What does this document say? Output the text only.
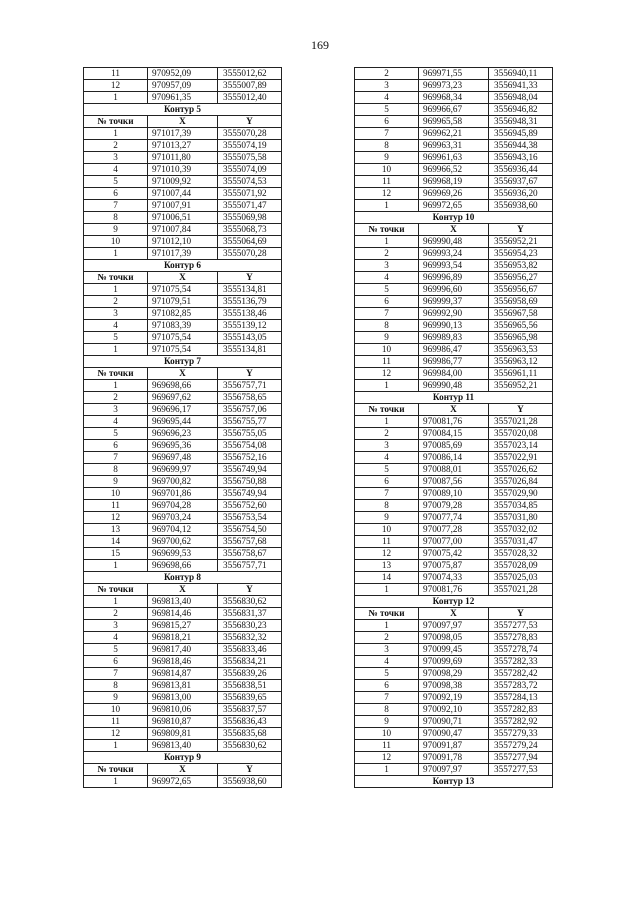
169
11	970952,09	3555012,62
12	970957,09	3555007,89
1	970961,35	3555012,40
Контур 5		
№ точки	X	Y
1	971017,39	3555070,28
2	971013,27	3555074,19
3	971011,80	3555075,58
4	971010,39	3555074,09
5	971009,92	3555074,53
6	971007,44	3555071,92
7	971007,91	3555071,47
8	971006,51	3555069,98
9	971007,84	3555068,73
10	971012,10	3555064,69
1	971017,39	3555070,28
Контур 6		
№ точки	X	Y
1	971075,54	3555134,81
2	971079,51	3555136,79
3	971082,85	3555138,46
4	971083,39	3555139,12
5	971075,54	3555143,05
1	971075,54	3555134,81
Контур 7		
№ точки	X	Y
1	969698,66	3556757,71
2	969697,62	3556758,65
3	969696,17	3556757,06
4	969695,44	3556755,77
5	969696,23	3556755,05
6	969695,36	3556754,08
7	969697,48	3556752,16
8	969699,97	3556749,94
9	969700,82	3556750,88
10	969701,86	3556749,94
11	969704,28	3556752,60
12	969703,24	3556753,54
13	969704,12	3556754,50
14	969700,62	3556757,68
15	969699,53	3556758,67
1	969698,66	3556757,71
Контур 8		
№ точки	X	Y
1	969813,40	3556830,62
2	969814,46	3556831,37
3	969815,27	3556830,23
4	969818,21	3556832,32
5	969817,40	3556833,46
6	969818,46	3556834,21
7	969814,87	3556839,26
8	969813,81	3556838,51
9	969813,00	3556839,65
10	969810,06	3556837,57
11	969810,87	3556836,43
12	969809,81	3556835,68
1	969813,40	3556830,62
Контур 9		
№ точки	X	Y
1	969972,65	3556938,60
2	969971,55	3556940,11
3	969973,23	3556941,33
4	969968,34	3556948,04
5	969966,67	3556946,82
6	969965,58	3556948,31
7	969962,21	3556945,89
8	969963,31	3556944,38
9	969961,63	3556943,16
10	969966,52	3556936,44
11	969968,19	3556937,67
12	969969,26	3556936,20
1	969972,65	3556938,60
Контур 10		
№ точки	X	Y
1	969990,48	3556952,21
2	969993,24	3556954,23
3	969993,54	3556953,82
4	969996,89	3556956,27
5	969996,60	3556956,67
6	969999,37	3556958,69
7	969992,90	3556967,58
8	969990,13	3556965,56
9	969989,83	3556965,98
10	969986,47	3556963,53
11	969986,77	3556963,12
12	969984,00	3556961,11
1	969990,48	3556952,21
Контур 11		
№ точки	X	Y
1	970081,76	3557021,28
2	970084,15	3557020,08
3	970085,69	3557023,14
4	970086,14	3557022,91
5	970088,01	3557026,62
6	970087,56	3557026,84
7	970089,10	3557029,90
8	970079,28	3557034,85
9	970077,74	3557031,80
10	970077,28	3557032,02
11	970077,00	3557031,47
12	970075,42	3557028,32
13	970075,87	3557028,09
14	970074,33	3557025,03
1	970081,76	3557021,28
Контур 12		
№ точки	X	Y
1	970097,97	3557277,53
2	970098,05	3557278,83
3	970099,45	3557278,74
4	970099,69	3557282,33
5	970098,29	3557282,42
6	970098,38	3557283,72
7	970092,19	3557284,13
8	970092,10	3557282,83
9	970090,71	3557282,92
10	970090,47	3557279,33
11	970091,87	3557279,24
12	970091,78	3557277,94
1	970097,97	3557277,53
Контур 13		
